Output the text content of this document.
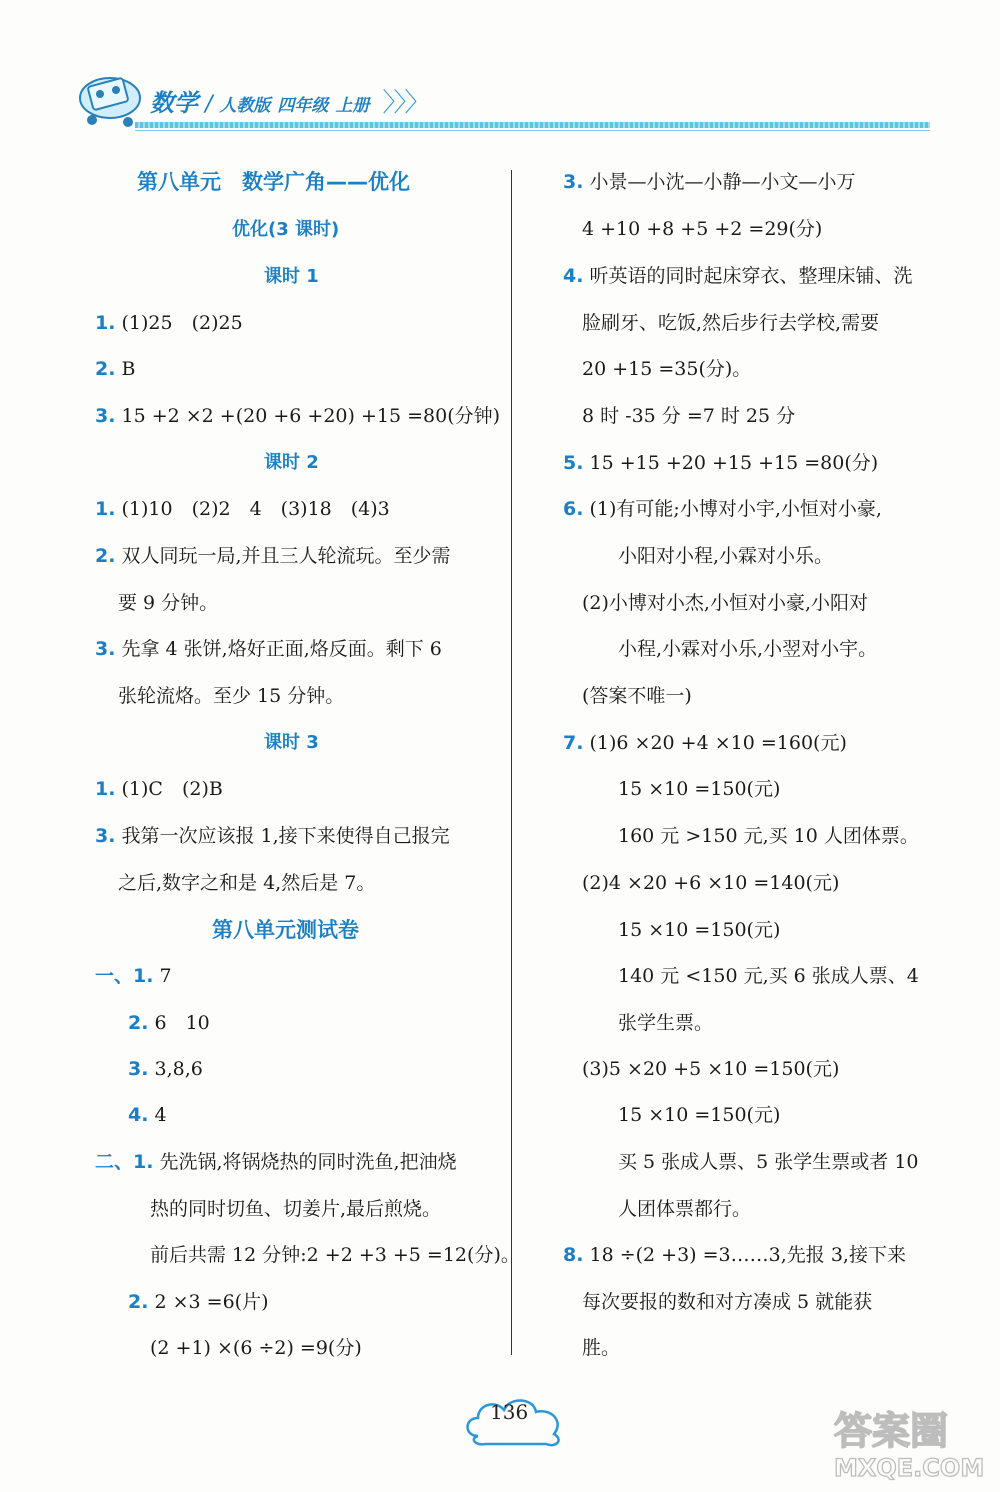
数学 / 人教版 四年级 上册 〉〉〉
第八单元　数学广角——优化
优化(3 课时)
课时 1
1. (1)25　(2)25
2. B
3. 15 +2 ×2 +(20 +6 +20) +15 =80(分钟)
课时 2
1. (1)10　(2)2　4　(3)18　(4)3
2. 双人同玩一局,并且三人轮流玩。至少需
要 9 分钟。
3. 先拿 4 张饼,烙好正面,烙反面。剩下 6
张轮流烙。至少 15 分钟。
课时 3
1. (1)C　(2)B
3. 我第一次应该报 1,接下来使得自己报完
之后,数字之和是 4,然后是 7。
第八单元测试卷
一、1. 7
2. 6　10
3. 3,8,6
4. 4
二、1. 先洗锅,将锅烧热的同时洗鱼,把油烧
热的同时切鱼、切姜片,最后煎烧。
前后共需 12 分钟:2 +2 +3 +5 =12(分)。
2. 2 ×3 =6(片)
(2 +1) ×(6 ÷2) =9(分)
3. 小景—小沈—小静—小文—小万
4 +10 +8 +5 +2 =29(分)
4. 听英语的同时起床穿衣、整理床铺、洗
脸刷牙、吃饭,然后步行去学校,需要
20 +15 =35(分)。
8 时 -35 分 =7 时 25 分
5. 15 +15 +20 +15 +15 =80(分)
6. (1)有可能;小博对小宇,小恒对小豪,
小阳对小程,小霖对小乐。
(2)小博对小杰,小恒对小豪,小阳对
小程,小霖对小乐,小翌对小宇。
(答案不唯一)
7. (1)6 ×20 +4 ×10 =160(元)
15 ×10 =150(元)
160 元 >150 元,买 10 人团体票。
(2)4 ×20 +6 ×10 =140(元)
15 ×10 =150(元)
140 元 <150 元,买 6 张成人票、4
张学生票。
(3)5 ×20 +5 ×10 =150(元)
15 ×10 =150(元)
买 5 张成人票、5 张学生票或者 10
人团体票都行。
8. 18 ÷(2 +3) =3……3,先报 3,接下来
每次要报的数和对方凑成 5 就能获
胜。
136	答案圈
MXQE.COM
